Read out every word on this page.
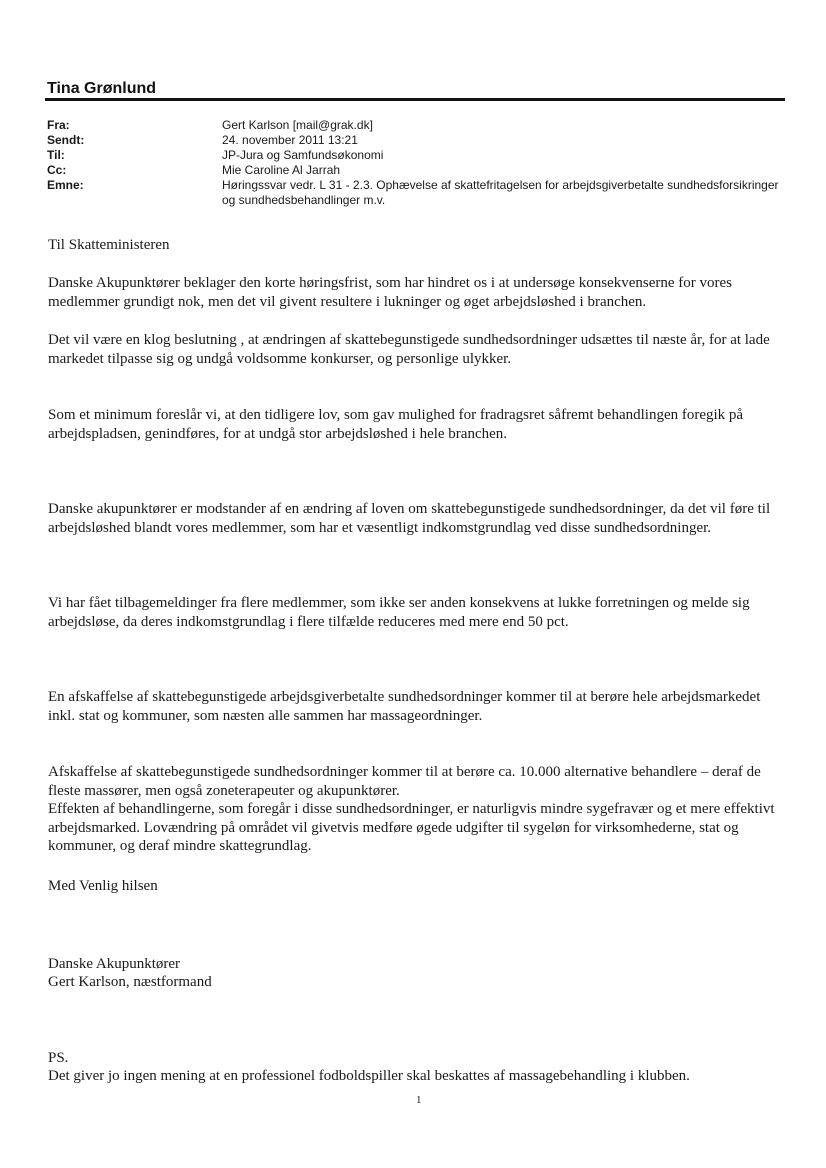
Tina Grønlund
Fra:	Gert Karlson [mail@grak.dk]
Sendt:	24. november 2011 13:21
Til:	JP-Jura og Samfundsøkonomi
Cc:	Mie Caroline Al Jarrah
Emne:	Høringssvar vedr. L 31 - 2.3. Ophævelse af skattefritagelsen for arbejdsgiverbetalte sundhedsforsikringer og sundhedsbehandlinger m.v.
Til Skatteministeren
Danske Akupunktører beklager den korte høringsfrist, som har hindret os i at undersøge konsekvenserne for vores medlemmer grundigt nok, men det vil givent resultere i lukninger og øget arbejdsløshed i branchen.
Det vil være en klog beslutning , at ændringen af skattebegunstigede sundhedsordninger udsættes til næste år, for at lade markedet tilpasse sig og undgå voldsomme konkurser, og personlige ulykker.
Som et minimum foreslår vi, at den tidligere lov, som gav mulighed for fradragsret såfremt behandlingen foregik på arbejdspladsen, genindføres, for at undgå stor arbejdsløshed i hele branchen.
Danske akupunktører er modstander af en ændring af loven om skattebegunstigede sundhedsordninger, da det vil føre til arbejdsløshed blandt vores medlemmer, som har et væsentligt indkomstgrundlag ved disse sundhedsordninger.
Vi har fået tilbagemeldinger fra flere medlemmer, som ikke ser anden konsekvens at lukke forretningen og melde sig arbejdsløse, da deres indkomstgrundlag i flere tilfælde reduceres med mere end 50 pct.
En afskaffelse af skattebegunstigede arbejdsgiverbetalte sundhedsordninger kommer til at berøre hele arbejdsmarkedet inkl. stat og kommuner, som næsten alle sammen har massageordninger.
Afskaffelse af skattebegunstigede sundhedsordninger kommer til at berøre ca. 10.000 alternative behandlere – deraf de fleste massører, men også zoneterapeuter og akupunktører.
Effekten af behandlingerne, som foregår i disse sundhedsordninger, er naturligvis mindre sygefravær og et mere effektivt arbejdsmarked. Lovændring på området vil givetvis medføre øgede udgifter til sygeløn for virksomhederne, stat og kommuner, og deraf mindre skattegrundlag.
Med Venlig hilsen
Danske Akupunktører
Gert Karlson, næstformand
PS.
Det giver jo ingen mening at en professionel fodboldspiller skal beskattes af massagebehandling i klubben.
1
